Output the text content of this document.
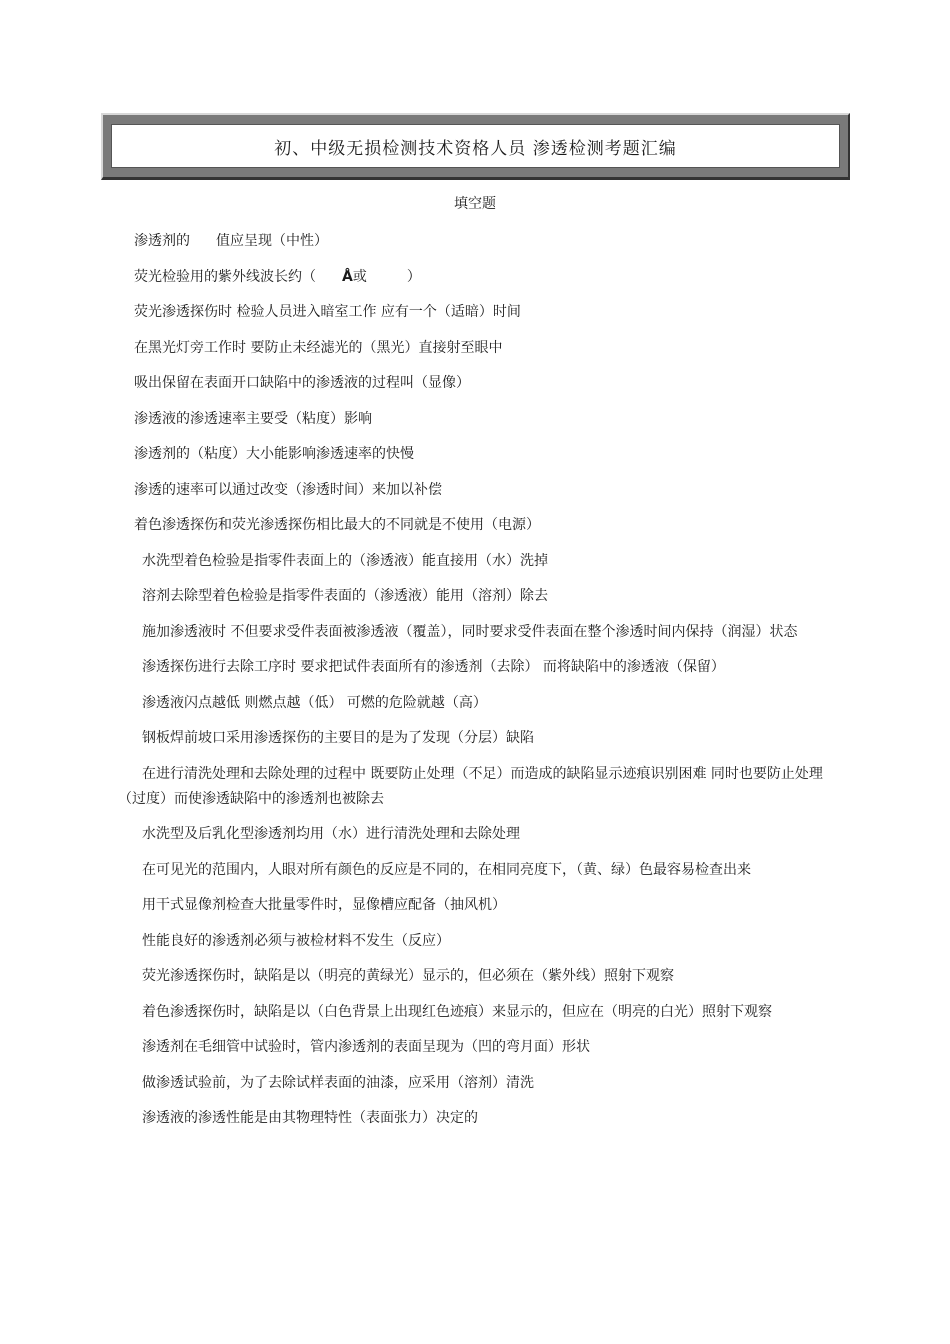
初、中级无损检测技术资格人员 渗透检测考题汇编
填空题
渗透剂的 值应呈现（中性）
荧光检验用的紫外线波长约（ Å或	）
荧光渗透探伤时 检验人员进入暗室工作 应有一个（适暗）时间
在黑光灯旁工作时 要防止未经滤光的（黑光）直接射至眼中
吸出保留在表面开口缺陷中的渗透液的过程叫（显像）
渗透液的渗透速率主要受（粘度）影响
渗透剂的（粘度）大小能影响渗透速率的快慢
渗透的速率可以通过改变（渗透时间）来加以补偿
着色渗透探伤和荧光渗透探伤相比最大的不同就是不使用（电源）
水洗型着色检验是指零件表面上的（渗透液）能直接用（水）洗掉
溶剂去除型着色检验是指零件表面的（渗透液）能用（溶剂）除去
施加渗透液时 不但要求受件表面被渗透液（覆盖），同时要求受件表面在整个渗透时间内保持（润湿）状态
渗透探伤进行去除工序时 要求把试件表面所有的渗透剂（去除） 而将缺陷中的渗透液（保留）
渗透液闪点越低 则燃点越（低） 可燃的危险就越（高）
钢板焊前坡口采用渗透探伤的主要目的是为了发现（分层）缺陷
在进行清洗处理和去除处理的过程中 既要防止处理（不足）而造成的缺陷显示迹痕识别困难 同时也要防止处理（过度）而使渗透缺陷中的渗透剂也被除去
水洗型及后乳化型渗透剂均用（水）进行清洗处理和去除处理
在可见光的范围内，人眼对所有颜色的反应是不同的，在相同亮度下，（黄、绿）色最容易检查出来
用干式显像剂检查大批量零件时，显像槽应配备（抽风机）
性能良好的渗透剂必须与被检材料不发生（反应）
荧光渗透探伤时，缺陷是以（明亮的黄绿光）显示的，但必须在（紫外线）照射下观察
着色渗透探伤时，缺陷是以（白色背景上出现红色迹痕）来显示的，但应在（明亮的白光）照射下观察
渗透剂在毛细管中试验时，管内渗透剂的表面呈现为（凹的弯月面）形状
做渗透试验前，为了去除试样表面的油漆，应采用（溶剂）清洗
渗透液的渗透性能是由其物理特性（表面张力）决定的
